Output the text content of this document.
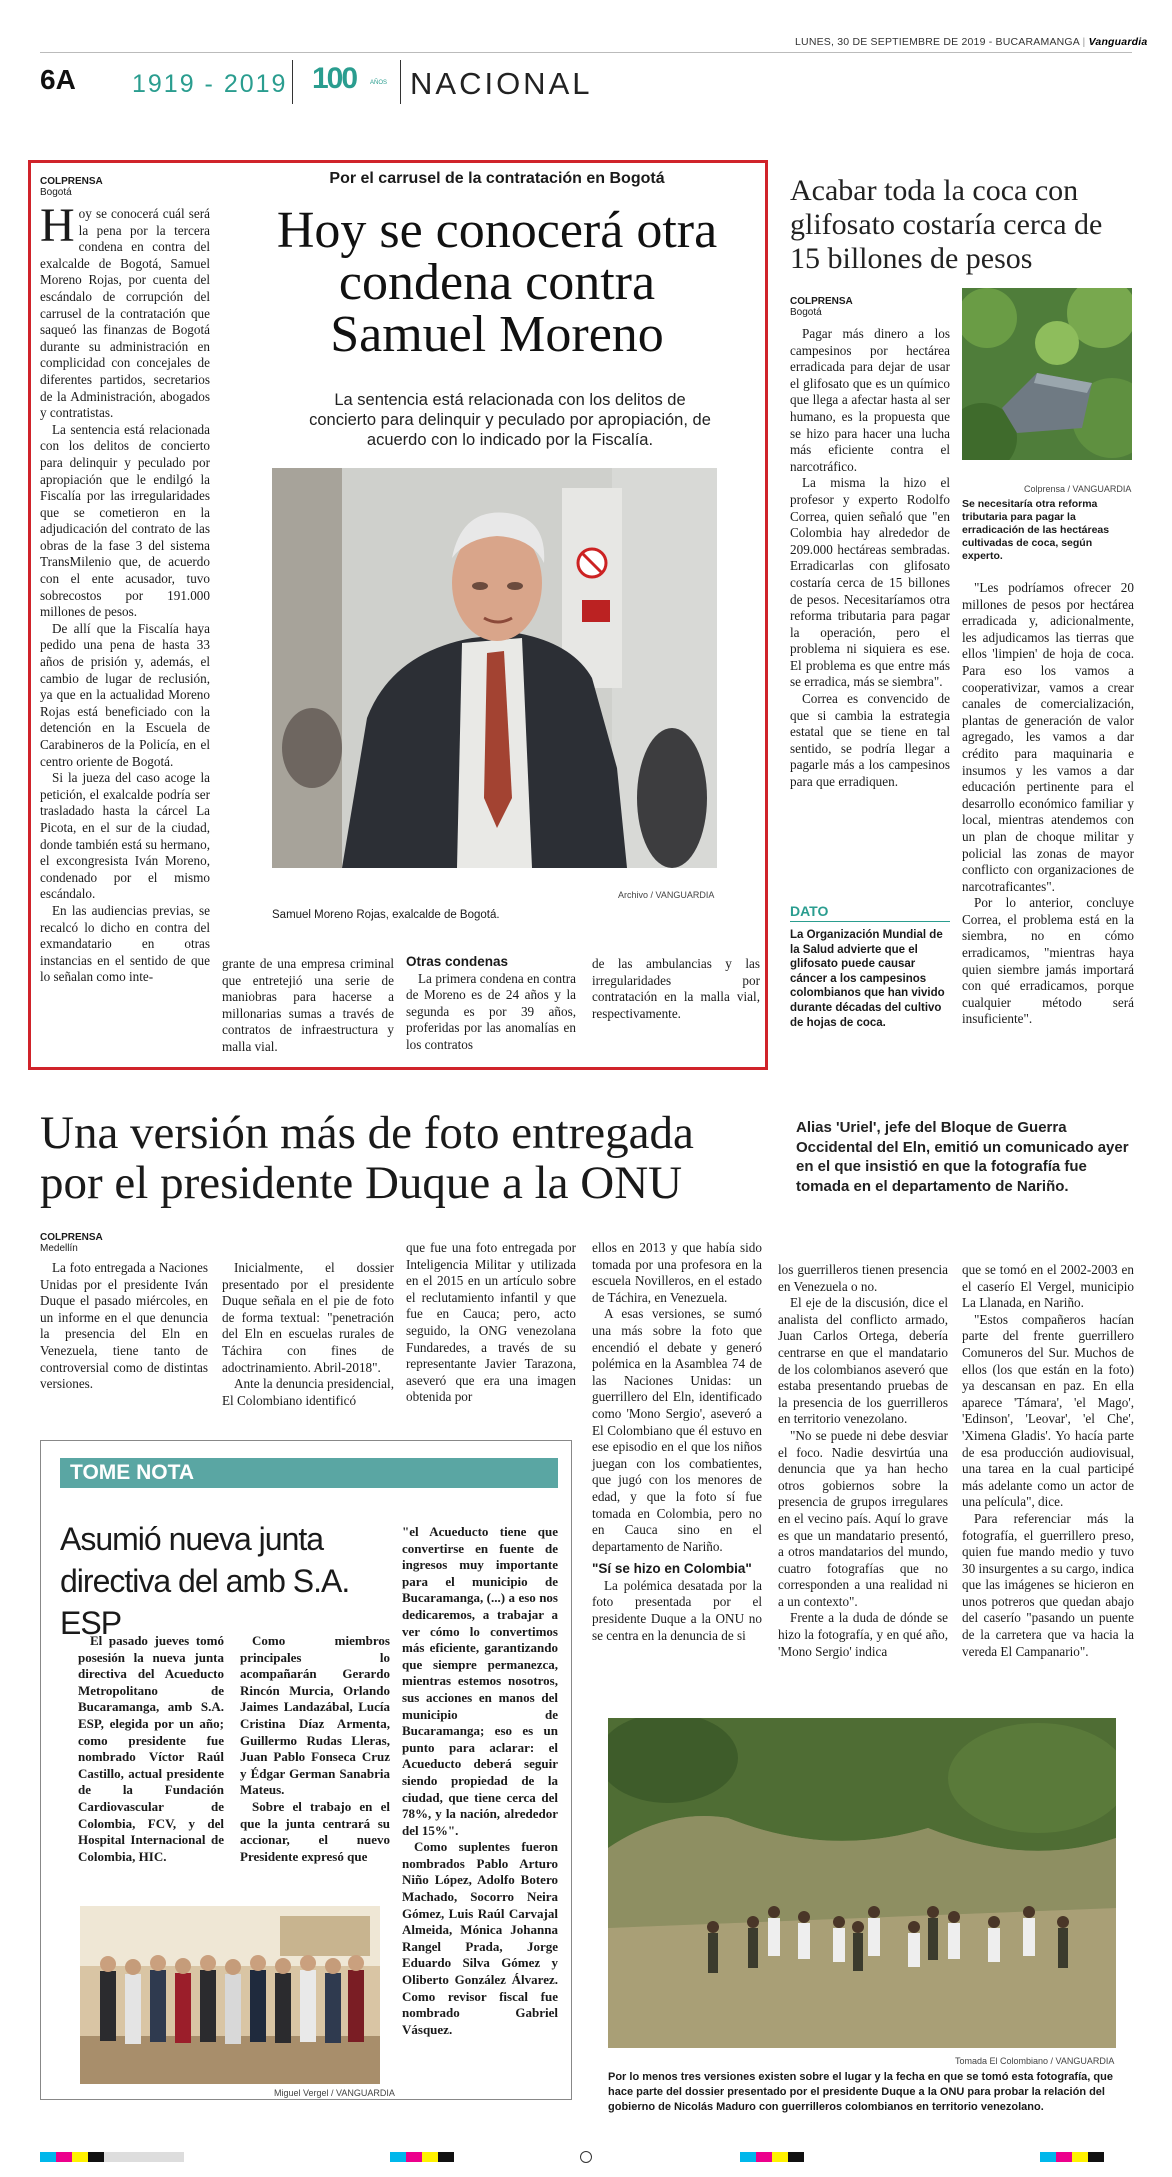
LUNES, 30 DE SEPTIEMBRE DE 2019 - BUCARAMANGA | Vanguardia
6A 1919 - 2019 100 AÑOS NACIONAL
COLPRENSA
Bogotá
Por el carrusel de la contratación en Bogotá
Hoy se conocerá otra
condena contra
Samuel Moreno
La sentencia está relacionada con los delitos de concierto para delinquir y peculado por apropiación, de acuerdo con lo indicado por la Fiscalía.

Hoy se conocerá cuál será la pena por la tercera condena en contra del exalcalde de Bogotá, Samuel Moreno Rojas, por cuenta del escándalo de corrupción del carrusel de la contratación que saqueó las finanzas de Bogotá durante su administración en complicidad con concejales de diferentes partidos, secretarios de la Administración, abogados y contratistas.

La sentencia está relacionada con los delitos de concierto para delinquir y peculado por apropiación que le endilgó la Fiscalía por las irregularidades que se cometieron en la adjudicación del contrato de las obras de la fase 3 del sistema TransMilenio que, de acuerdo con el ente acusador, tuvo sobrecostos por 191.000 millones de pesos.

De allí que la Fiscalía haya pedido una pena de hasta 33 años de prisión y, además, el cambio de lugar de reclusión, ya que en la actualidad Moreno Rojas está beneficiado con la detención en la Escuela de Carabineros de la Policía, en el centro oriente de Bogotá.

Si la jueza del caso acoge la petición, el exalcalde podría ser trasladado hasta la cárcel La Picota, en el sur de la ciudad, donde también está su hermano, el excongresista Iván Moreno, condenado por el mismo escándalo.

En las audiencias previas, se recalcó lo dicho en contra del exmandatario en otras instancias en el sentido de que lo señalan como inte-

Archivo / VANGUARDIA
Samuel Moreno Rojas, exalcalde de Bogotá.

grante de una empresa criminal que entretejió una serie de maniobras para hacerse a millonarias sumas a través de contratos de infraestructura y malla vial.

Otras condenas

La primera condena en contra de Moreno es de 24 años y la segunda es por 39 años, proferidas por las anomalías en los contratos

de las ambulancias y las irregularidades por contratación en la malla vial, respectivamente.

Acabar toda la coca con glifosato costaría cerca de 15 billones de pesos
COLPRENSA
Bogotá
Colprensa / VANGUARDIA
Se necesitaría otra reforma tributaria para pagar la erradicación de las hectáreas cultivadas de coca, según experto.

Pagar más dinero a los campesinos por hectárea erradicada para dejar de usar el glifosato que es un químico que llega a afectar hasta al ser humano, es la propuesta que se hizo para hacer una lucha más eficiente contra el narcotráfico.

La misma la hizo el profesor y experto Rodolfo Correa, quien señaló que "en Colombia hay alrededor de 209.000 hectáreas sembradas. Erradicarlas con glifosato costaría cerca de 15 billones de pesos. Necesitaríamos otra reforma tributaria para pagar la operación, pero el problema ni siquiera es ese. El problema es que entre más se erradica, más se siembra".

Correa es convencido de que si cambia la estrategia estatal que se tiene en tal sentido, se podría llegar a pagarle más a los campesinos para que erradiquen.

DATO
La Organización Mundial de la Salud advierte que el glifosato puede causar cáncer a los campesinos colombianos que han vivido durante décadas del cultivo de hojas de coca.

"Les podríamos ofrecer 20 millones de pesos por hectárea erradicada y, adicionalmente, les adjudicamos las tierras que ellos 'limpien' de hoja de coca. Para eso los vamos a cooperativizar, vamos a crear canales de comercialización, plantas de generación de valor agregado, les vamos a dar crédito para maquinaria e insumos y les vamos a dar educación pertinente para el desarrollo económico familiar y local, mientras atendemos con un plan de choque militar y policial las zonas de mayor conflicto con organizaciones de narcotraficantes".

Por lo anterior, concluye Correa, el problema está en la siembra, no en cómo erradicamos, "mientras haya quien siembre jamás importará con qué erradicamos, porque cualquier método será insuficiente".

Una versión más de foto entregada
por el presidente Duque a la ONU
Alias 'Uriel', jefe del Bloque de Guerra Occidental del Eln, emitió un comunicado ayer en el que insistió en que la fotografía fue tomada en el departamento de Nariño.
COLPRENSA
Medellín

La foto entregada a Naciones Unidas por el presidente Iván Duque el pasado miércoles, en un informe en el que denuncia la presencia del Eln en Venezuela, tiene tanto de controversial como de distintas versiones.

Inicialmente, el dossier presentado por el presidente Duque señala en el pie de foto de forma textual: "penetración del Eln en escuelas rurales de Táchira con fines de adoctrinamiento. Abril-2018".

Ante la denuncia presidencial, El Colombiano identificó

que fue una foto entregada por Inteligencia Militar y utilizada en el 2015 en un artículo sobre el reclutamiento infantil y que fue en Cauca; pero, acto seguido, la ONG venezolana Fundaredes, a través de su representante Javier Tarazona, aseveró que era una imagen obtenida por

ellos en 2013 y que había sido tomada por una profesora en la escuela Novilleros, en el estado de Táchira, en Venezuela.

A esas versiones, se sumó una más sobre la foto que encendió el debate y generó polémica en la Asamblea 74 de las Naciones Unidas: un guerrillero del Eln, identificado como 'Mono Sergio', aseveró a El Colombiano que él estuvo en ese episodio en el que los niños juegan con los combatientes, que jugó con los menores de edad, y que la foto sí fue tomada en Colombia, pero no en Cauca sino en el departamento de Nariño.

"Sí se hizo en Colombia"

La polémica desatada por la foto presentada por el presidente Duque a la ONU no se centra en la denuncia de si

los guerrilleros tienen presencia en Venezuela o no.

El eje de la discusión, dice el analista del conflicto armado, Juan Carlos Ortega, debería centrarse en que el mandatario de los colombianos aseveró que estaba presentando pruebas de la presencia de los guerrilleros en territorio venezolano.

"No se puede ni debe desviar el foco. Nadie desvirtúa una denuncia que ya han hecho otros gobiernos sobre la presencia de grupos irregulares en el vecino país. Aquí lo grave es que un mandatario presentó, a otros mandatarios del mundo, cuatro fotografías que no corresponden a una realidad ni a un contexto".

Frente a la duda de dónde se hizo la fotografía, y en qué año, 'Mono Sergio' indica

que se tomó en el 2002-2003 en el caserío El Vergel, municipio La Llanada, en Nariño.

"Estos compañeros hacían parte del frente guerrillero Comuneros del Sur. Muchos de ellos (los que están en la foto) ya descansan en paz. En ella aparece 'Támara', 'el Mago', 'Edinson', 'Leovar', 'el Che', 'Ximena Gladis'. Yo hacía parte de esa producción audiovisual, una tarea en la cual participé más adelante como un actor de una película", dice.

Para referenciar más la fotografía, el guerrillero preso, quien fue mando medio y tuvo 30 insurgentes a su cargo, indica que las imágenes se hicieron en unos potreros que quedan abajo del caserío "pasando un puente de la carretera que va hacia la vereda El Campanario".

Tomada El Colombiano / VANGUARDIA
Por lo menos tres versiones existen sobre el lugar y la fecha en que se tomó esta fotografía, que hace parte del dossier presentado por el presidente Duque a la ONU para probar la relación del gobierno de Nicolás Maduro con guerrilleros colombianos en territorio venezolano.
TOME NOTA
Asumió nueva junta
directiva del amb S.A. ESP

El pasado jueves tomó posesión la nueva junta directiva del Acueducto Metropolitano de Bucaramanga, amb S.A. ESP, elegida por un año; como presidente fue nombrado Víctor Raúl Castillo, actual presidente de la Fundación Cardiovascular de Colombia, FCV, y del Hospital Internacional de Colombia, HIC.

Como miembros principales lo acompañarán Gerardo Rincón Murcia, Orlando Jaimes Landazábal, Lucía Cristina Díaz Armenta, Guillermo Rudas Lleras, Juan Pablo Fonseca Cruz y Édgar German Sanabria Mateus.

Sobre el trabajo en el que la junta centrará su accionar, el nuevo Presidente expresó que

"el Acueducto tiene que convertirse en fuente de ingresos muy importante para el municipio de Bucaramanga, (...) a eso nos dedicaremos, a trabajar a ver cómo lo convertimos más eficiente, garantizando que siempre permanezca, mientras estemos nosotros, sus acciones en manos del municipio de Bucaramanga; eso es un punto para aclarar: el Acueducto deberá seguir siendo propiedad de la ciudad, que tiene cerca del 78%, y la nación, alrededor del 15%".

Como suplentes fueron nombrados Pablo Arturo Niño López, Adolfo Botero Machado, Socorro Neira Gómez, Luis Raúl Carvajal Almeida, Mónica Johanna Rangel Prada, Jorge Eduardo Silva Gómez y Oliberto González Álvarez. Como revisor fiscal fue nombrado Gabriel Vásquez.

Miguel Vergel / VANGUARDIA
